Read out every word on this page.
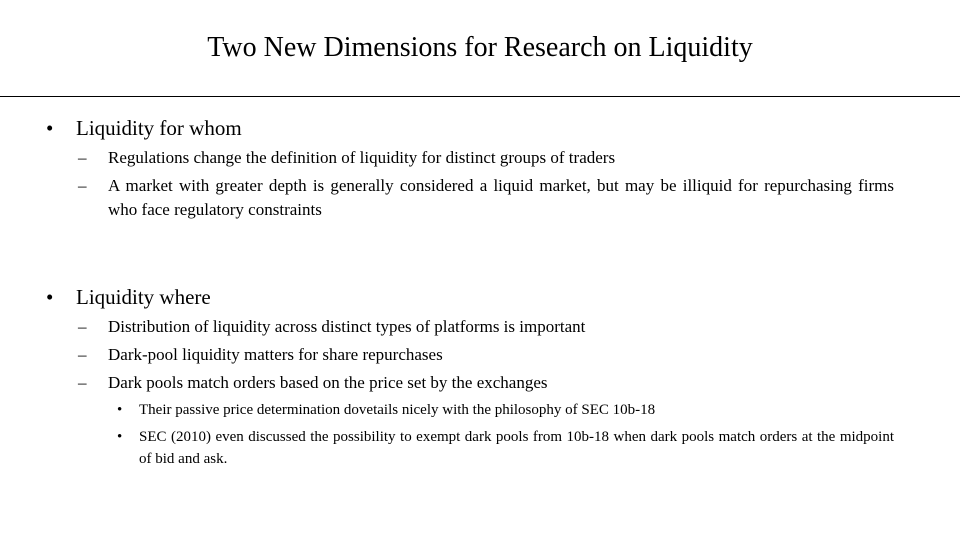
Two New Dimensions for Research on Liquidity
• Liquidity for whom
– Regulations change the definition of liquidity for distinct groups of traders
– A market with greater depth is generally considered a liquid market, but may be illiquid for repurchasing firms who face regulatory constraints
• Liquidity where
– Distribution of liquidity across distinct types of platforms is important
– Dark-pool liquidity matters for share repurchases
– Dark pools match orders based on the price set by the exchanges
• Their passive price determination dovetails nicely with the philosophy of SEC 10b-18
• SEC (2010) even discussed the possibility to exempt dark pools from 10b-18 when dark pools match orders at the midpoint of bid and ask.
